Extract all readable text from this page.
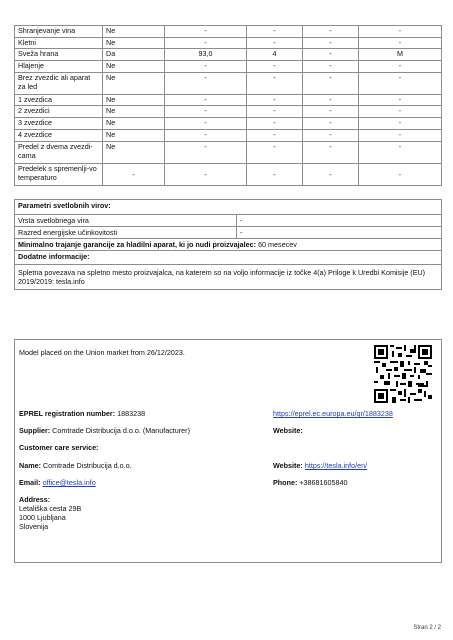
Shranjevanje vina	Ne	-	-	-	-
Kletni	Ne	-	-	-	-
Sveža hrana	Da	93,0	4	-	M
Hlajenje	Ne	-	-	-	-
Brez zvezdic ali aparat za led	Ne	-	-	-	-
1 zvezdica	Ne	-	-	-	-
2 zvezdici	Ne	-	-	-	-
3 zvezdice	Ne	-	-	-	-
4 zvezdice	Ne	-	-	-	-
Predel z dvema zvezdi-cama	Ne	-	-	-	-
Predelek s spremenlji-vo temperaturo	-	-	-	-	-
Parametri svetlobnih virov:	
Vrsta svetlobnega vira	-
Razred energijske učinkovitosti	-
Minimalno trajanje garancije za hladilni aparat, ki jo nudi proizvajalec: 60 mesecev	
Dodatne informacije:	
Spletna povezava na spletno mesto proizvajalca, na katerem so na voljo informacije iz točke 4(a) Priloge k Uredbi Komisije (EU) 2019/2019: tesla.info	
Model placed on the Union market from 26/12/2023.
EPREL registration number: 1883238	https://eprel.ec.europa.eu/qr/1883238
Supplier: Comtrade Distribucija d.o.o. (Manufacturer)	Website:
Customer care service:
Name: Comtrade Distribucija d.o.o.	Website: https://tesla.info/en/
Email: office@tesla.info	Phone: +38681605840
Address:
Letališka cesta 29B
1000 Ljubljana
Slovenija
Stran 2 / 2
